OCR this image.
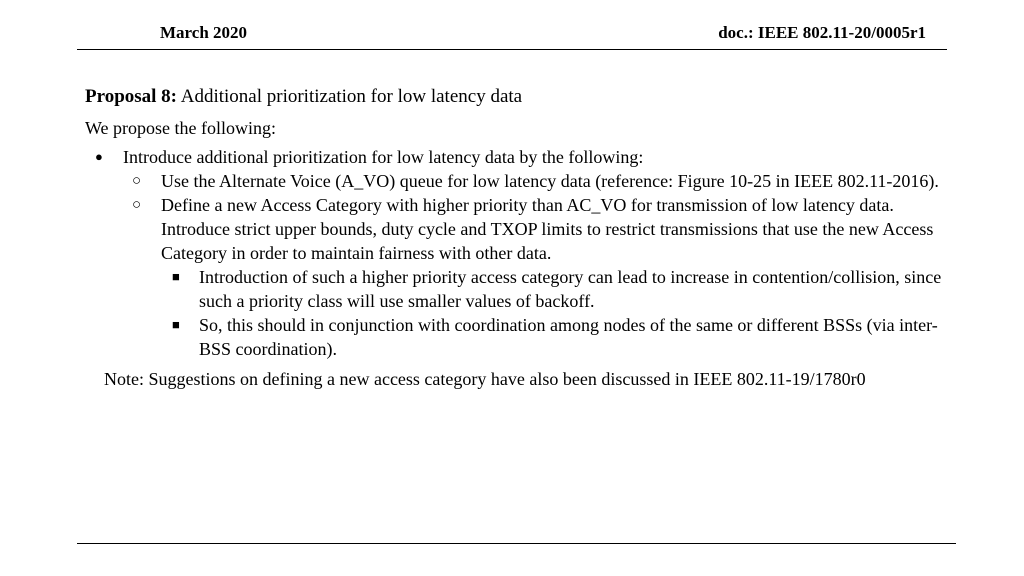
March 2020	doc.: IEEE 802.11-20/0005r1
Proposal 8: Additional prioritization for low latency data
We propose the following:
● Introduce additional prioritization for low latency data by the following:
○ Use the Alternate Voice (A_VO) queue for low latency data (reference: Figure 10-25 in IEEE 802.11-2016).
○ Define a new Access Category with higher priority than AC_VO for transmission of low latency data. Introduce strict upper bounds, duty cycle and TXOP limits to restrict transmissions that use the new Access Category in order to maintain fairness with other data.
■ Introduction of such a higher priority access category can lead to increase in contention/collision, since such a priority class will use smaller values of backoff.
■ So, this should in conjunction with coordination among nodes of the same or different BSSs (via inter-BSS coordination).
Note: Suggestions on defining a new access category have also been discussed in IEEE 802.11-19/1780r0
